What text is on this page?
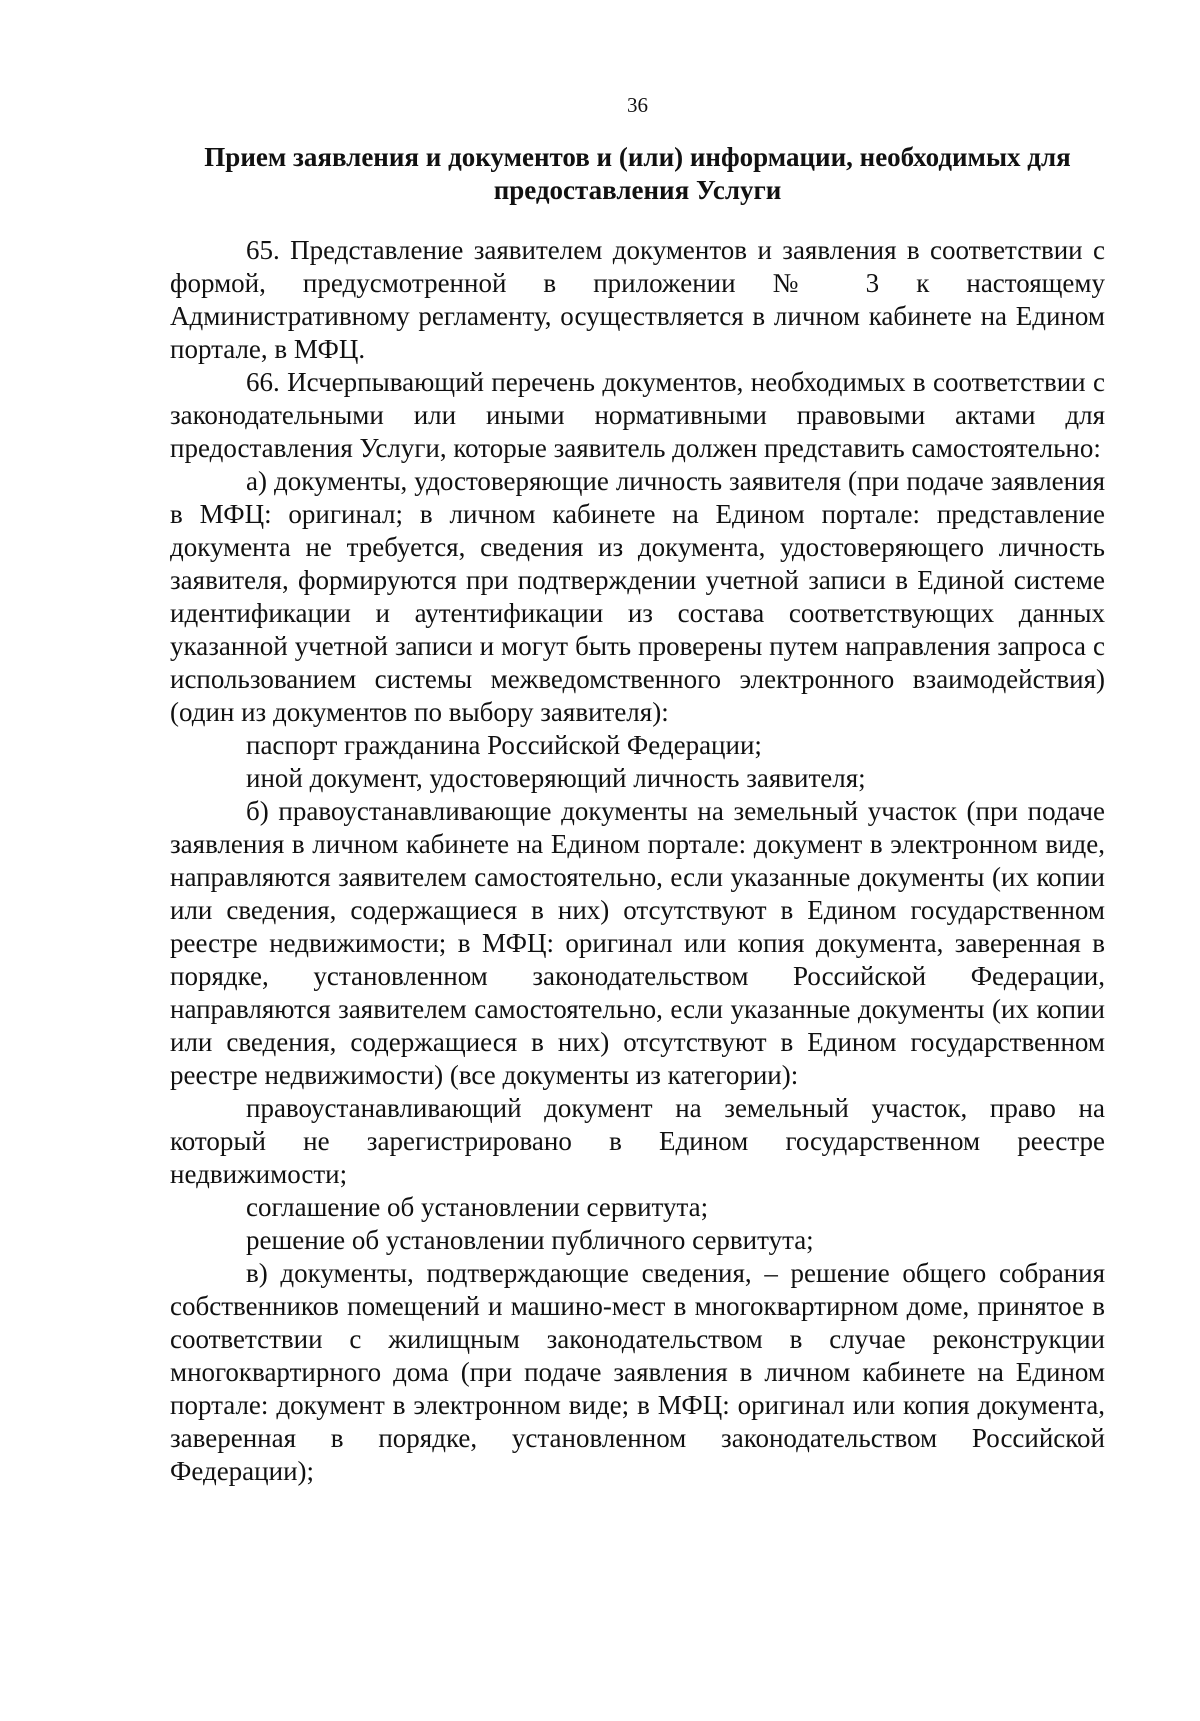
36
Прием заявления и документов и (или) информации, необходимых для предоставления Услуги

65. Представление заявителем документов и заявления в соответствии с формой, предусмотренной в приложении № 3 к настоящему Административному регламенту, осуществляется в личном кабинете на Едином портале, в МФЦ.

66. Исчерпывающий перечень документов, необходимых в соответствии с законодательными или иными нормативными правовыми актами для предоставления Услуги, которые заявитель должен представить самостоятельно:

а) документы, удостоверяющие личность заявителя (при подаче заявления в МФЦ: оригинал; в личном кабинете на Едином портале: представление документа не требуется, сведения из документа, удостоверяющего личность заявителя, формируются при подтверждении учетной записи в Единой системе идентификации и аутентификации из состава соответствующих данных указанной учетной записи и могут быть проверены путем направления запроса с использованием системы межведомственного электронного взаимодействия) (один из документов по выбору заявителя):

паспорт гражданина Российской Федерации;

иной документ, удостоверяющий личность заявителя;

б) правоустанавливающие документы на земельный участок (при подаче заявления в личном кабинете на Едином портале: документ в электронном виде, направляются заявителем самостоятельно, если указанные документы (их копии или сведения, содержащиеся в них) отсутствуют в Едином государственном реестре недвижимости; в МФЦ: оригинал или копия документа, заверенная в порядке, установленном законодательством Российской Федерации, направляются заявителем самостоятельно, если указанные документы (их копии или сведения, содержащиеся в них) отсутствуют в Едином государственном реестре недвижимости) (все документы из категории):

правоустанавливающий документ на земельный участок, право на который не зарегистрировано в Едином государственном реестре недвижимости;

соглашение об установлении сервитута;

решение об установлении публичного сервитута;

в) документы, подтверждающие сведения, – решение общего собрания собственников помещений и машино-мест в многоквартирном доме, принятое в соответствии с жилищным законодательством в случае реконструкции многоквартирного дома (при подаче заявления в личном кабинете на Едином портале: документ в электронном виде; в МФЦ: оригинал или копия документа, заверенная в порядке, установленном законодательством Российской Федерации);
